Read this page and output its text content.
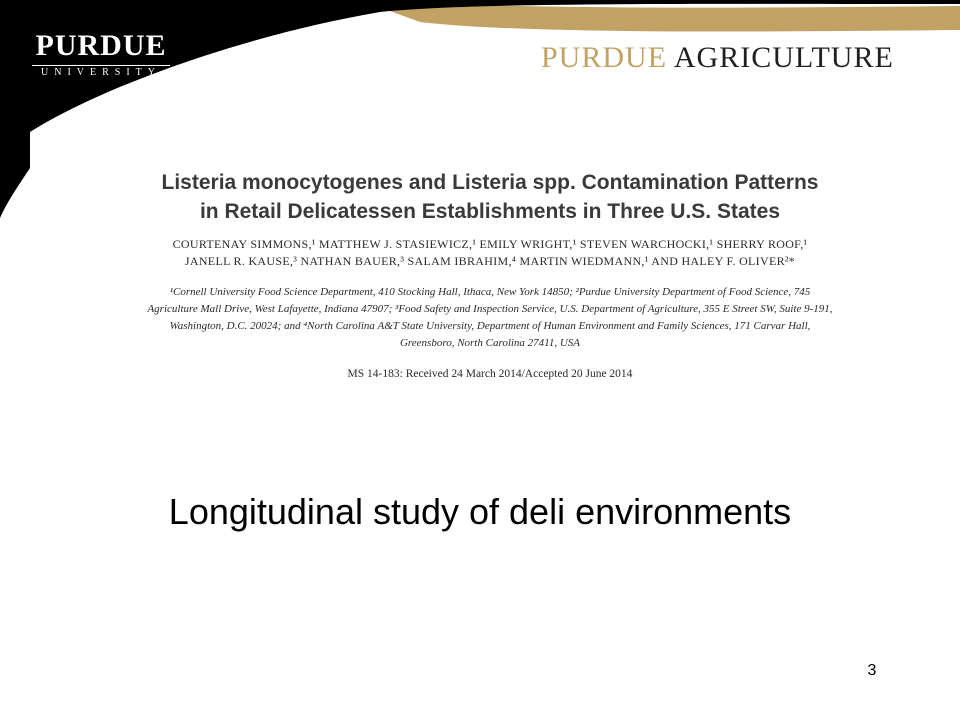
PURDUE
UNIVERSITY	PURDUE AGRICULTURE

Listeria monocytogenes and Listeria spp. Contamination Patterns
in Retail Delicatessen Establishments in Three U.S. States

COURTENAY SIMMONS,¹ MATTHEW J. STASIEWICZ,¹ EMILY WRIGHT,¹ STEVEN WARCHOCKI,¹ SHERRY ROOF,¹
JANELL R. KAUSE,³ NATHAN BAUER,³ SALAM IBRAHIM,⁴ MARTIN WIEDMANN,¹ AND HALEY F. OLIVER²*

¹Cornell University Food Science Department, 410 Stocking Hall, Ithaca, New York 14850; ²Purdue University Department of Food Science, 745
Agriculture Mall Drive, West Lafayette, Indiana 47907; ³Food Safety and Inspection Service, U.S. Department of Agriculture, 355 E Street SW, Suite 9-191,
Washington, D.C. 20024; and ⁴North Carolina A&T State University, Department of Human Environment and Family Sciences, 171 Carvar Hall,
Greensboro, North Carolina 27411, USA

MS 14-183: Received 24 March 2014/Accepted 20 June 2014

Longitudinal study of deli environments
3
